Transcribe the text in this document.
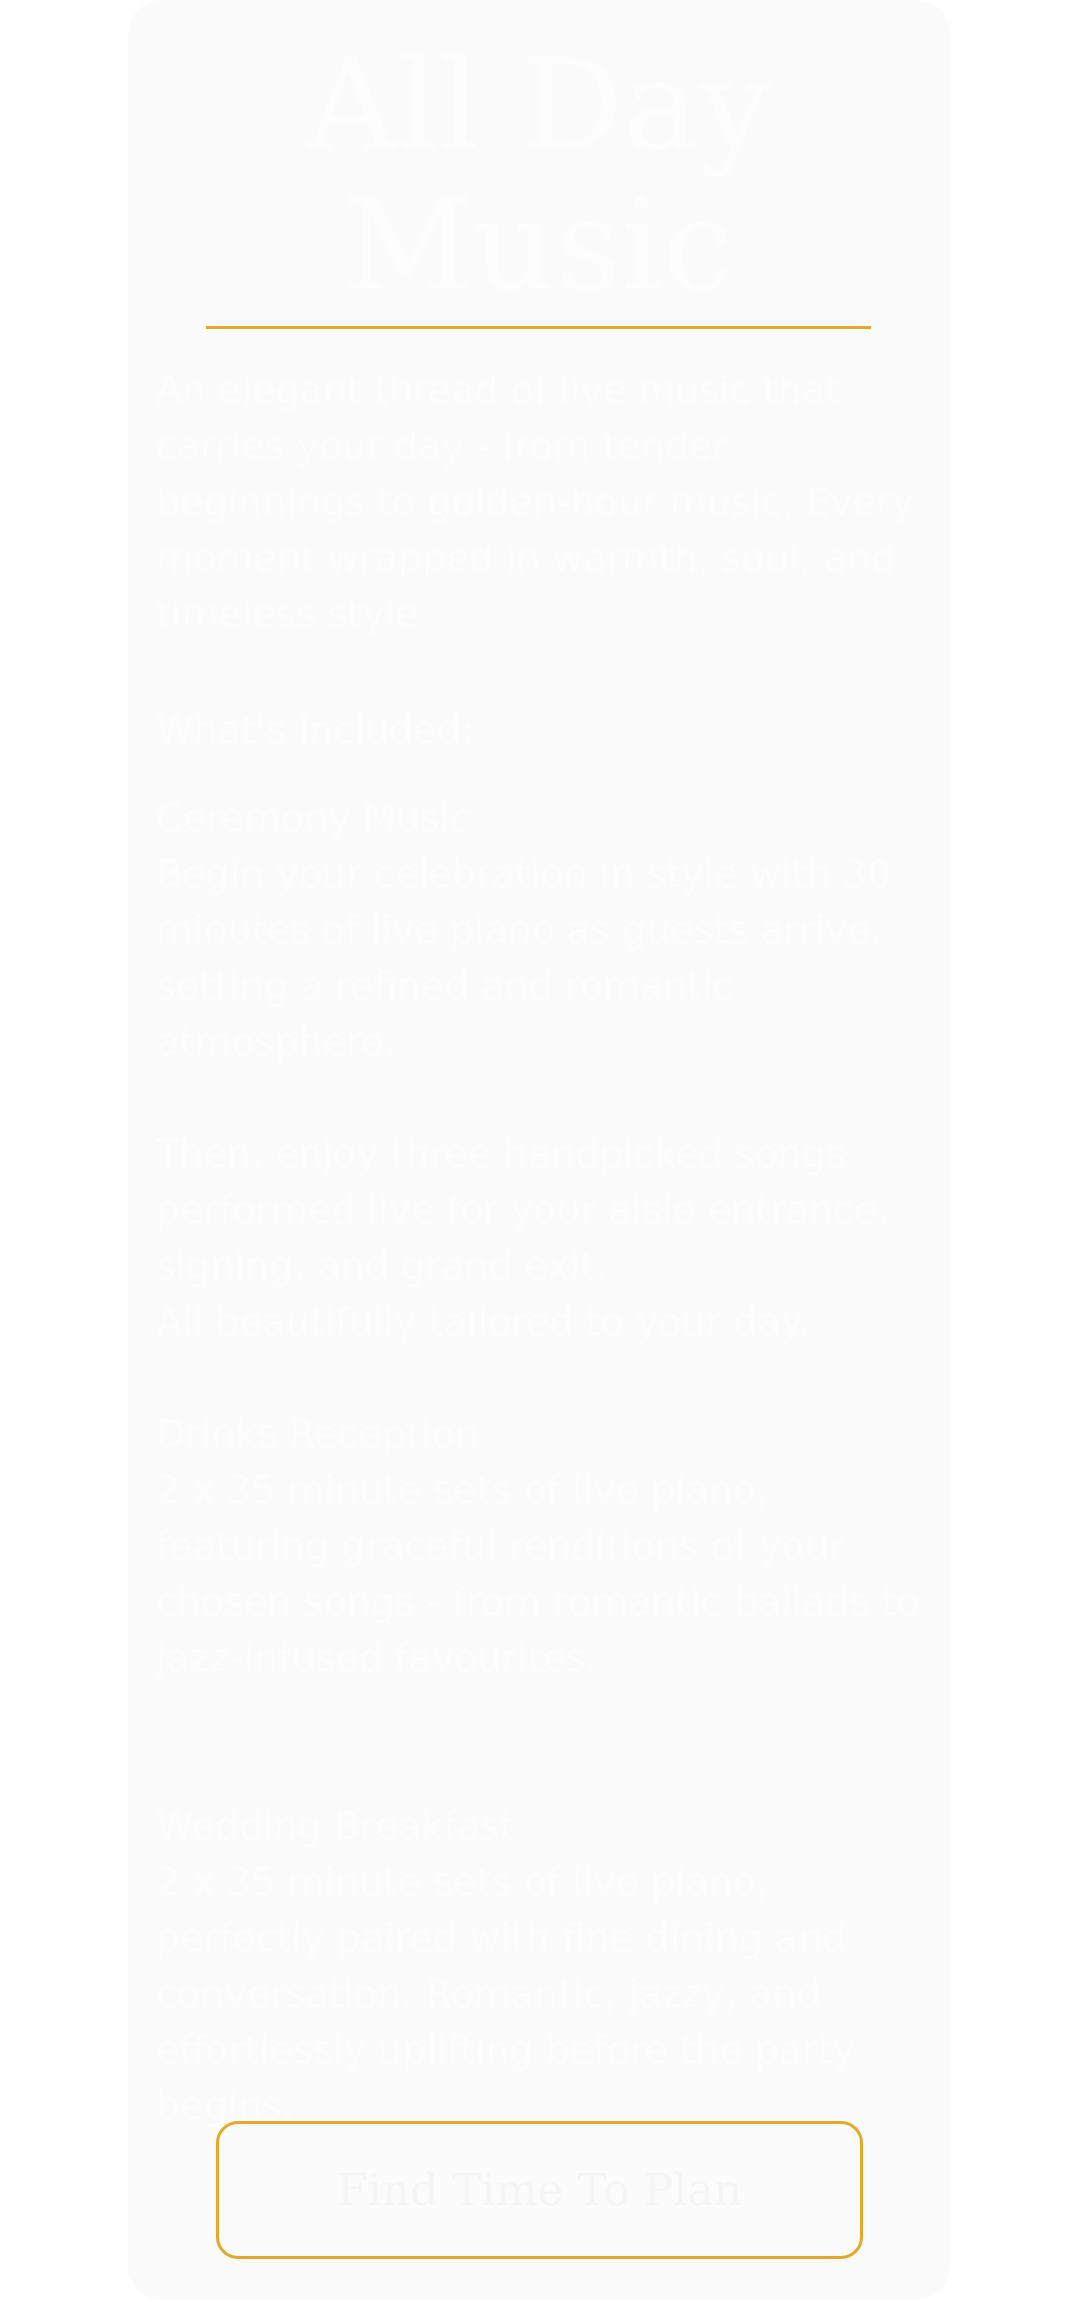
All Day Music

An elegant thread of live music that carries your day - from tender beginnings to golden-hour music. Every moment wrapped in warmth, soul, and timeless style.

What's Included:

Ceremony Music

Begin your celebration in style with 30 minutes of live piano as guests arrive, setting a refined and romantic atmosphere.

Then, enjoy three handpicked songs performed live for your aisle entrance, signing, and grand exit.

All beautifully tailored to your day.

Drinks Reception

2 x 35 minute sets of live piano, featuring graceful renditions of your chosen songs - from romantic ballads to jazz-infused favourites.

Wedding Breakfast

2 x 35 minute sets of live piano, perfectly paired with fine dining and conversation. Romantic, jazzy, and effortlessly uplifting before the party begins.

Find Time To Plan
